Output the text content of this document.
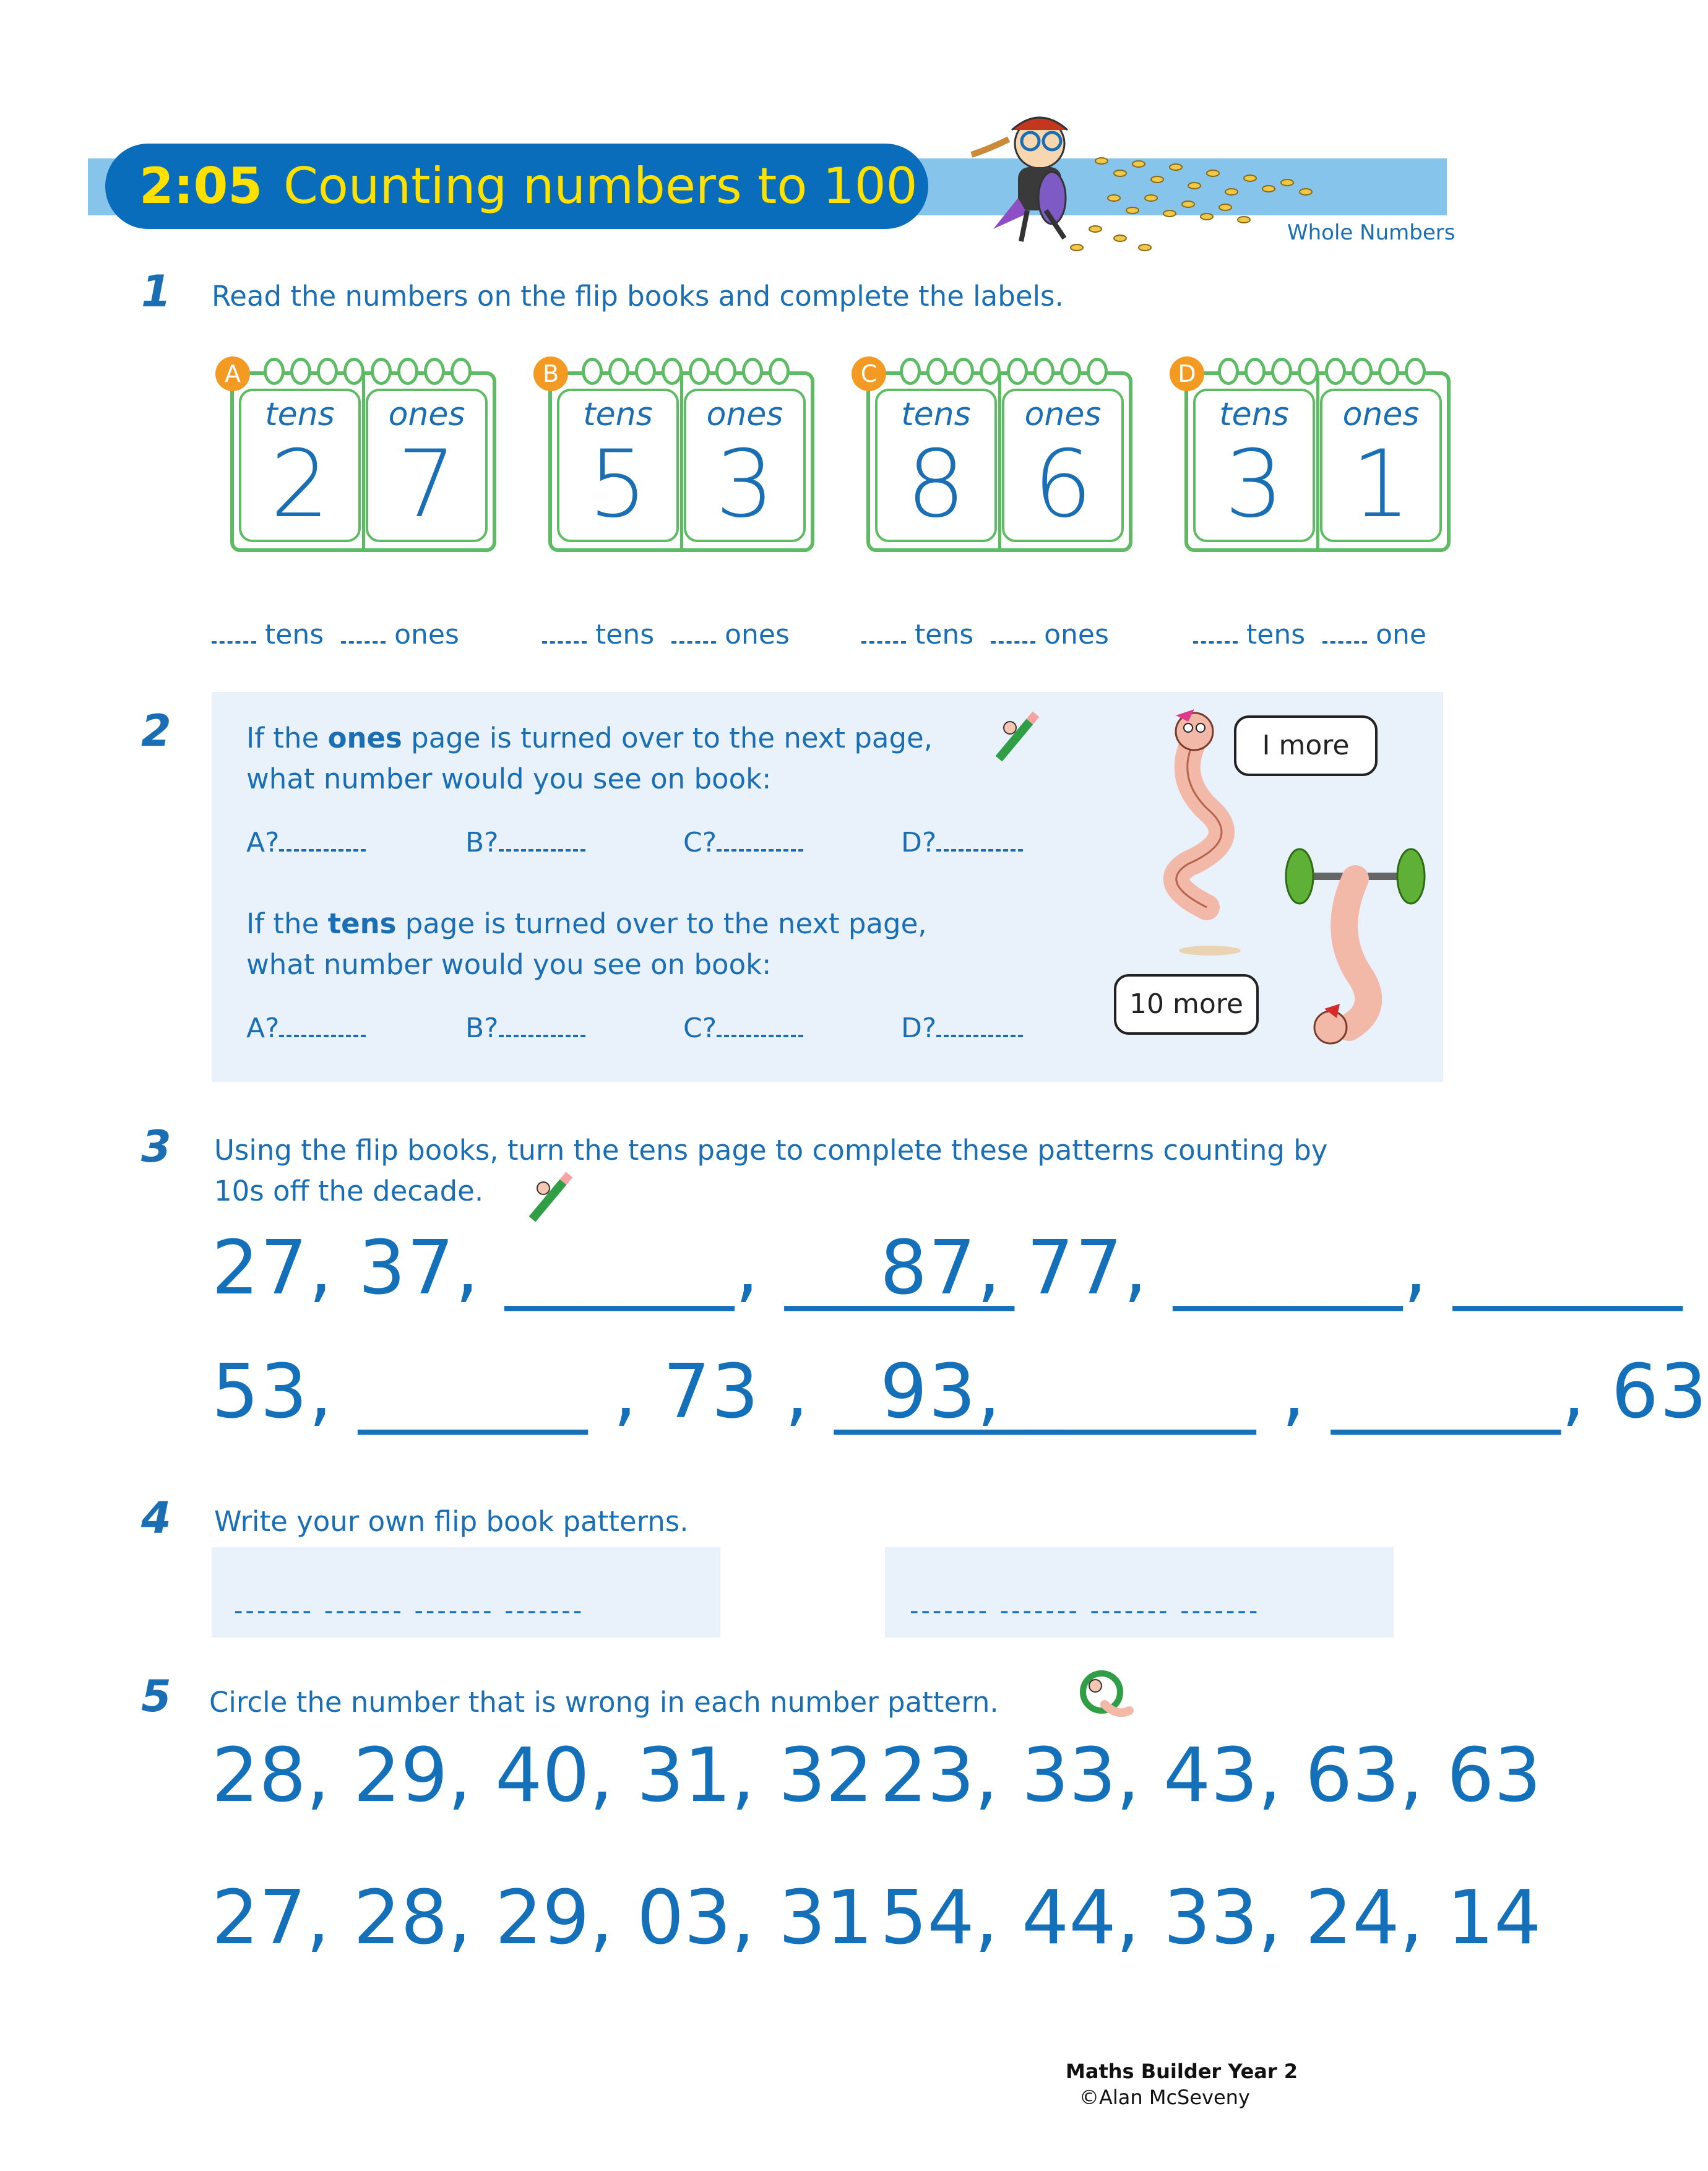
2:05 Counting numbers to 100
Whole Numbers
1 Read the numbers on the flip books and complete the labels.
A
tens
2
ones
7
B
tens
5
ones
3
C
tens
8
ones
6
D
tens
3
ones
1
tens	ones	tens	ones	tens	ones	tens	one
2	If the ones page is turned over to the next page,
what number would you see on book:
A?	B?	C?	D?
If the tens page is turned over to the next page,
what number would you see on book:
A?	B?	C?	D?
I more
10 more
3 Using the flip books, turn the tens page to complete these patterns counting by
10s off the decade.
27, 37, ______, ______
87, 77, ______, ______
53, ______ , 73 , ______
93, ______ , ______, 63
4 Write your own flip book patterns.
------- ------- ------- -------	------- ------- ------- -------
5 Circle the number that is wrong in each number pattern.
28, 29, 40, 31, 32 23, 33, 43, 63, 63
27, 28, 29, 03, 31 54, 44, 33, 24, 14
Maths Builder Year 2
©Alan McSeveny
